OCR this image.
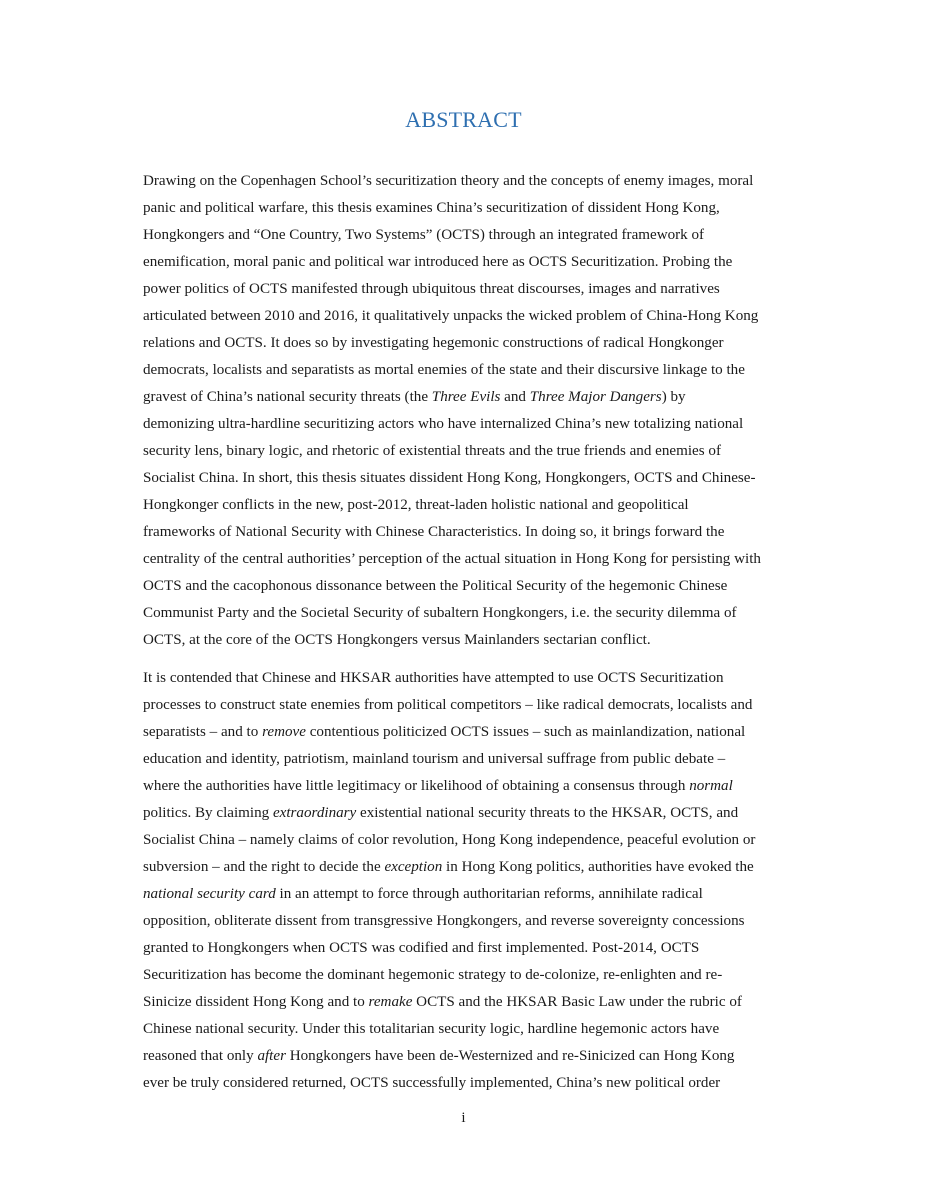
ABSTRACT

Drawing on the Copenhagen School’s securitization theory and the concepts of enemy images, moral
panic and political warfare, this thesis examines China’s securitization of dissident Hong Kong,
Hongkongers and “One Country, Two Systems” (OCTS) through an integrated framework of
enemification, moral panic and political war introduced here as OCTS Securitization. Probing the
power politics of OCTS manifested through ubiquitous threat discourses, images and narratives
articulated between 2010 and 2016, it qualitatively unpacks the wicked problem of China-Hong Kong
relations and OCTS. It does so by investigating hegemonic constructions of radical Hongkonger
democrats, localists and separatists as mortal enemies of the state and their discursive linkage to the
gravest of China’s national security threats (the Three Evils and Three Major Dangers) by
demonizing ultra-hardline securitizing actors who have internalized China’s new totalizing national
security lens, binary logic, and rhetoric of existential threats and the true friends and enemies of
Socialist China. In short, this thesis situates dissident Hong Kong, Hongkongers, OCTS and Chinese-
Hongkonger conflicts in the new, post-2012, threat-laden holistic national and geopolitical
frameworks of National Security with Chinese Characteristics. In doing so, it brings forward the
centrality of the central authorities’ perception of the actual situation in Hong Kong for persisting with
OCTS and the cacophonous dissonance between the Political Security of the hegemonic Chinese
Communist Party and the Societal Security of subaltern Hongkongers, i.e. the security dilemma of
OCTS, at the core of the OCTS Hongkongers versus Mainlanders sectarian conflict.

It is contended that Chinese and HKSAR authorities have attempted to use OCTS Securitization
processes to construct state enemies from political competitors – like radical democrats, localists and
separatists – and to remove contentious politicized OCTS issues – such as mainlandization, national
education and identity, patriotism, mainland tourism and universal suffrage from public debate –
where the authorities have little legitimacy or likelihood of obtaining a consensus through normal
politics. By claiming extraordinary existential national security threats to the HKSAR, OCTS, and
Socialist China – namely claims of color revolution, Hong Kong independence, peaceful evolution or
subversion – and the right to decide the exception in Hong Kong politics, authorities have evoked the
national security card in an attempt to force through authoritarian reforms, annihilate radical
opposition, obliterate dissent from transgressive Hongkongers, and reverse sovereignty concessions
granted to Hongkongers when OCTS was codified and first implemented. Post-2014, OCTS
Securitization has become the dominant hegemonic strategy to de-colonize, re-enlighten and re-
Sinicize dissident Hong Kong and to remake OCTS and the HKSAR Basic Law under the rubric of
Chinese national security. Under this totalitarian security logic, hardline hegemonic actors have
reasoned that only after Hongkongers have been de-Westernized and re-Sinicized can Hong Kong
ever be truly considered returned, OCTS successfully implemented, China’s new political order

i
